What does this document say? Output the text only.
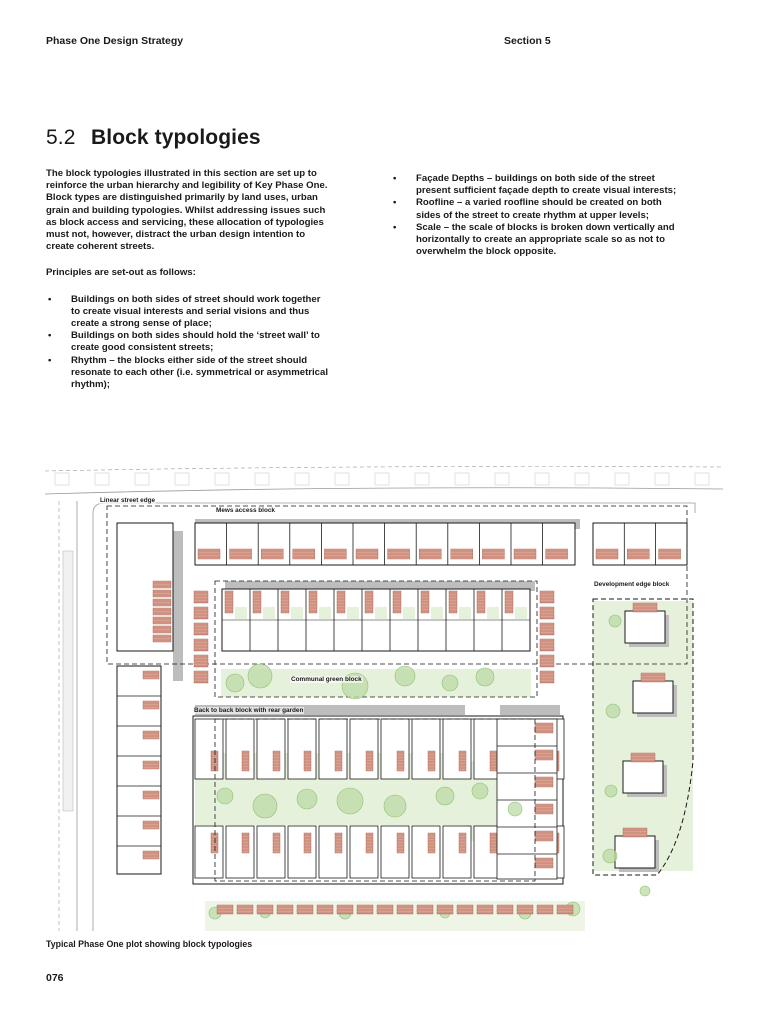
Phase One Design Strategy	Section 5
5.2 Block typologies

The block typologies illustrated in this section are set up to reinforce the urban hierarchy and legibility of Key Phase One. Block types are distinguished primarily by land uses, urban grain and building typologies. Whilst addressing issues such as block access and servicing, these allocation of typologies must not, however, distract the urban design intention to create coherent streets.

Principles are set-out as follows:

• Buildings on both sides of street should work together to create visual interests and serial visions and thus create a strong sense of place;
• Buildings on both sides should hold the ‘street wall’ to create good consistent streets;
• Rhythm – the blocks either side of the street should resonate to each other (i.e. symmetrical or asymmetrical rhythm);
• Façade Depths – buildings on both side of the street present sufficient façade depth to create visual interests;
• Roofline – a varied roofline should be created on both sides of the street to create rhythm at upper levels;
• Scale – the scale of blocks is broken down vertically and horizontally to create an appropriate scale so as not to overwhelm the block opposite.
Linear street edge
Mews access block
Development edge block
Communal green block
Back to back block with rear garden
Typical Phase One plot showing block typologies
076
